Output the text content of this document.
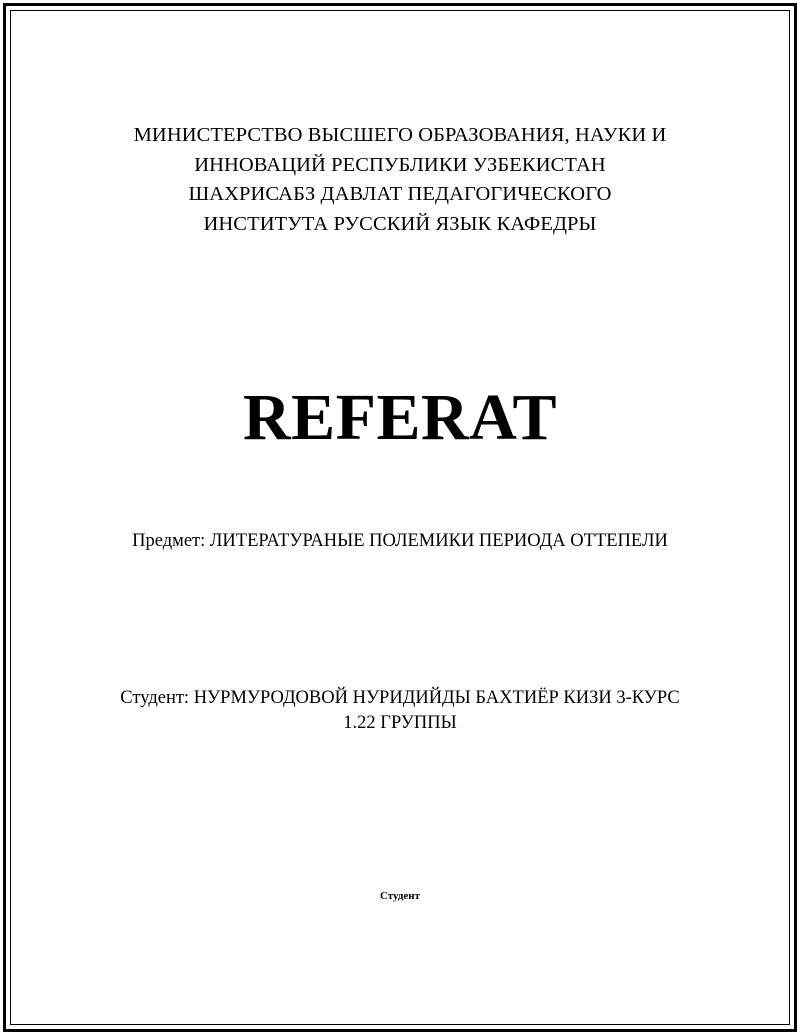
МИНИСТЕРСТВО ВЫСШЕГО ОБРАЗОВАНИЯ, НАУКИ И
ИННОВАЦИЙ РЕСПУБЛИКИ УЗБЕКИСТАН
ШАХРИСАБЗ ДАВЛАТ ПЕДАГОГИЧЕСКОГО
ИНСТИТУТА РУССКИЙ ЯЗЫК КАФЕДРЫ
REFERAT
Предмет: ЛИТЕРАТУРАНЫЕ ПОЛЕМИКИ ПЕРИОДА ОТТЕПЕЛИ
Студент: НУРМУРОДОВОЙ НУРИДИЙДЫ БАХТИЁР КИЗИ 3-КУРС
1.22 ГРУППЫ
Студент
